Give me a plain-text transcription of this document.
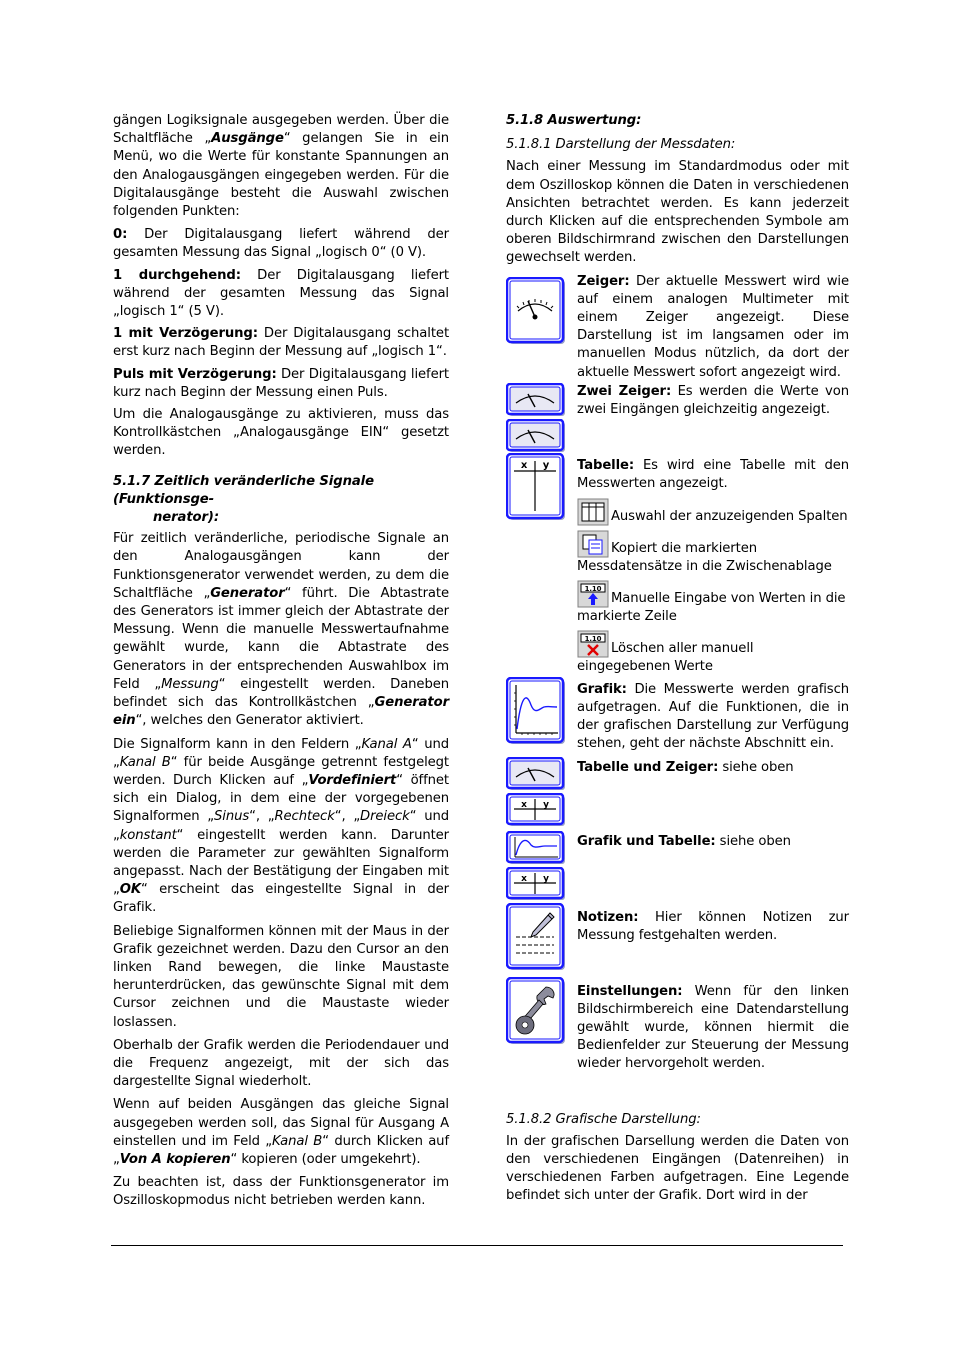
gängen Logiksignale ausgegeben werden. Über die Schaltfläche „Ausgänge“ gelangen Sie in ein Menü, wo die Werte für konstante Spannungen an den Analogausgängen eingegeben werden. Für die Digitalausgänge besteht die Auswahl zwischen folgenden Punkten:

0: Der Digitalausgang liefert während der gesamten Messung das Signal „logisch 0“ (0 V).

1 durchgehend: Der Digitalausgang liefert während der gesamten Messung das Signal „logisch 1“ (5 V).

1 mit Verzögerung: Der Digitalausgang schaltet erst kurz nach Beginn der Messung auf „logisch 1“.

Puls mit Verzögerung: Der Digitalausgang liefert kurz nach Beginn der Messung einen Puls.

Um die Analogausgänge zu aktivieren, muss das Kontrollkästchen „Analogausgänge EIN“ gesetzt werden.

5.1.7 Zeitlich veränderliche Signale (Funktionsge-
nerator):

Für zeitlich veränderliche, periodische Signale an den Analogausgängen kann der Funktionsgenerator verwendet werden, zu dem die Schaltfläche „Generator“ führt. Die Abtastrate des Generators ist immer gleich der Abtastrate der Messung. Wenn die manuelle Messwertaufnahme gewählt wurde, kann die Abtastrate des Generators in der entsprechenden Auswahlbox im Feld „Messung“ eingestellt werden. Daneben befindet sich das Kontrollkästchen „Generator ein“, welches den Generator aktiviert.

Die Signalform kann in den Feldern „Kanal A“ und „Kanal B“ für beide Ausgänge getrennt festgelegt werden. Durch Klicken auf „Vordefiniert“ öffnet sich ein Dialog, in dem eine der vorgegebenen Signalformen „Sinus“, „Rechteck“, „Dreieck“ und „konstant“ eingestellt werden kann. Darunter werden die Parameter zur gewählten Signalform angepasst. Nach der Bestätigung der Eingaben mit „OK“ erscheint das eingestellte Signal in der Grafik.

Beliebige Signalformen können mit der Maus in der Grafik gezeichnet werden. Dazu den Cursor an den linken Rand bewegen, die linke Maustaste herunterdrücken, das gewünschte Signal mit dem Cursor zeichnen und die Maustaste wieder loslassen.

Oberhalb der Grafik werden die Periodendauer und die Frequenz angezeigt, mit der sich das dargestellte Signal wiederholt.

Wenn auf beiden Ausgängen das gleiche Signal ausgegeben werden soll, das Signal für Ausgang A einstellen und im Feld „Kanal B“ durch Klicken auf „Von A kopieren“ kopieren (oder umgekehrt).

Zu beachten ist, dass der Funktionsgenerator im Oszilloskopmodus nicht betrieben werden kann.

5.1.8 Auswertung:
5.1.8.1 Darstellung der Messdaten:

Nach einer Messung im Standardmodus oder mit dem Oszilloskop können die Daten in verschiedenen Ansichten betrachtet werden. Es kann jederzeit durch Klicken auf die entsprechenden Symbole am oberen Bildschirmrand zwischen den Darstellungen gewechselt werden.

Zeiger: Der aktuelle Messwert wird wie auf einem analogen Multimeter mit einem Zeiger angezeigt. Diese Darstellung ist im langsamen oder im manuellen Modus nützlich, da dort der aktuelle Messwert sofort angezeigt wird.

Zwei Zeiger: Es werden die Werte von zwei Eingängen gleichzeitig angezeigt.

x y Tabelle: Es wird eine Tabelle mit den Messwerten angezeigt.

Auswahl der anzuzeigenden Spalten
Kopiert die markierten Messdatensätze in die Zwischenablage
1.10
Manuelle Eingabe von Werten in die markierte Zeile
1.10
Löschen aller manuell eingegebenen Werte

Grafik: Die Messwerte werden grafisch aufgetragen. Auf die Funktionen, die in der grafischen Darstellung zur Verfügung stehen, geht der nächste Abschnitt ein.

x y

Tabelle und Zeiger: siehe oben

x y

Grafik und Tabelle: siehe oben

Notizen: Hier können Notizen zur Messung festgehalten werden.

Einstellungen: Wenn für den linken Bildschirmbereich eine Datendarstellung gewählt wurde, können hiermit die Bedienfelder zur Steuerung der Messung wieder hervorgeholt werden.

5.1.8.2 Grafische Darstellung:

In der grafischen Darsellung werden die Daten von den verschiedenen Eingängen (Datenreihen) in verschiedenen Farben aufgetragen. Eine Legende befindet sich unter der Grafik. Dort wird in der
